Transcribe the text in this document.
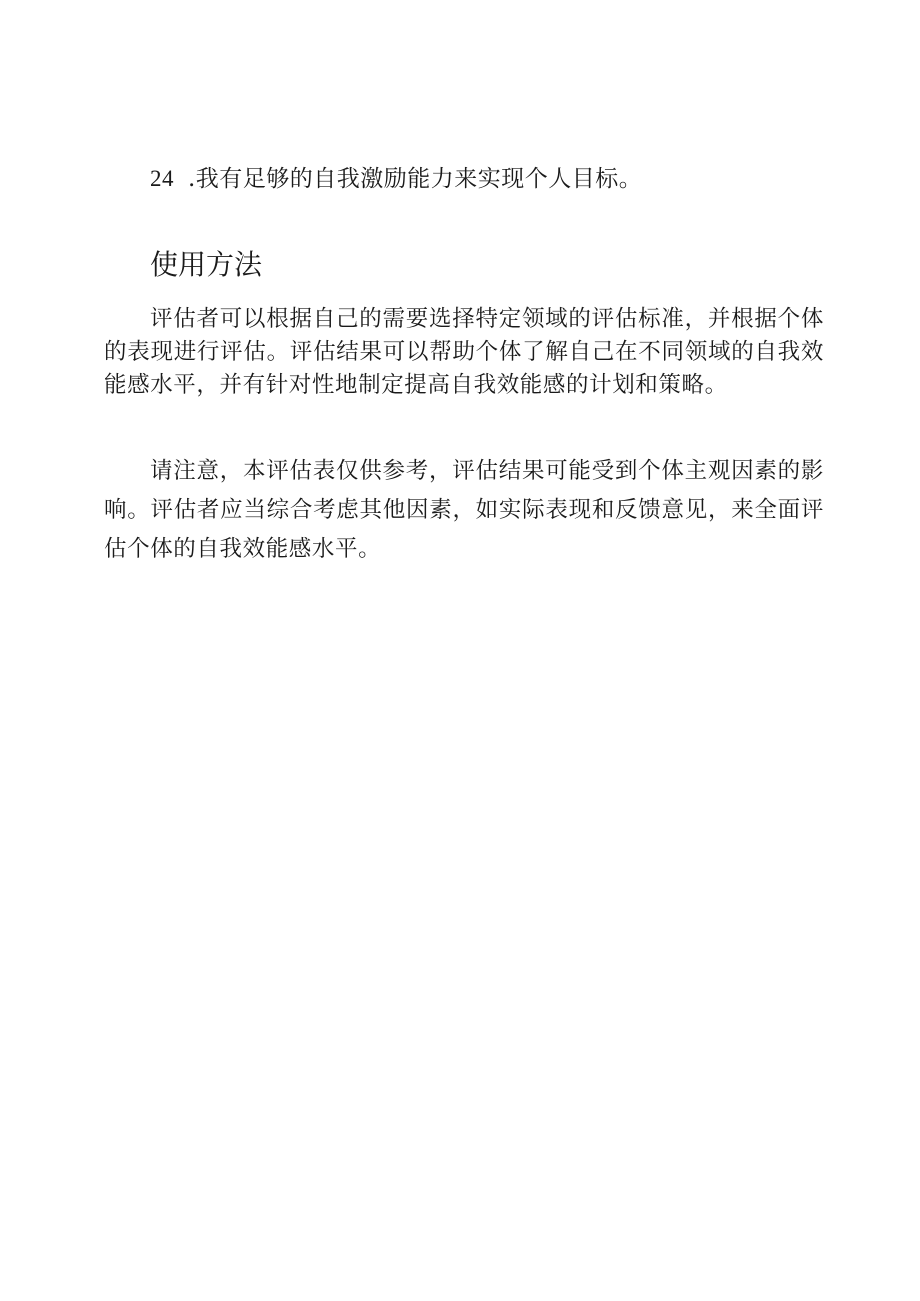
24 .我有足够的自我激励能力来实现个人目标。
使用方法

评估者可以根据自己的需要选择特定领域的评估标准，并根据个体的表现进行评估。评估结果可以帮助个体了解自己在不同领域的自我效能感水平，并有针对性地制定提高自我效能感的计划和策略。

请注意，本评估表仅供参考，评估结果可能受到个体主观因素的影响。评估者应当综合考虑其他因素，如实际表现和反馈意见，来全面评估个体的自我效能感水平。
